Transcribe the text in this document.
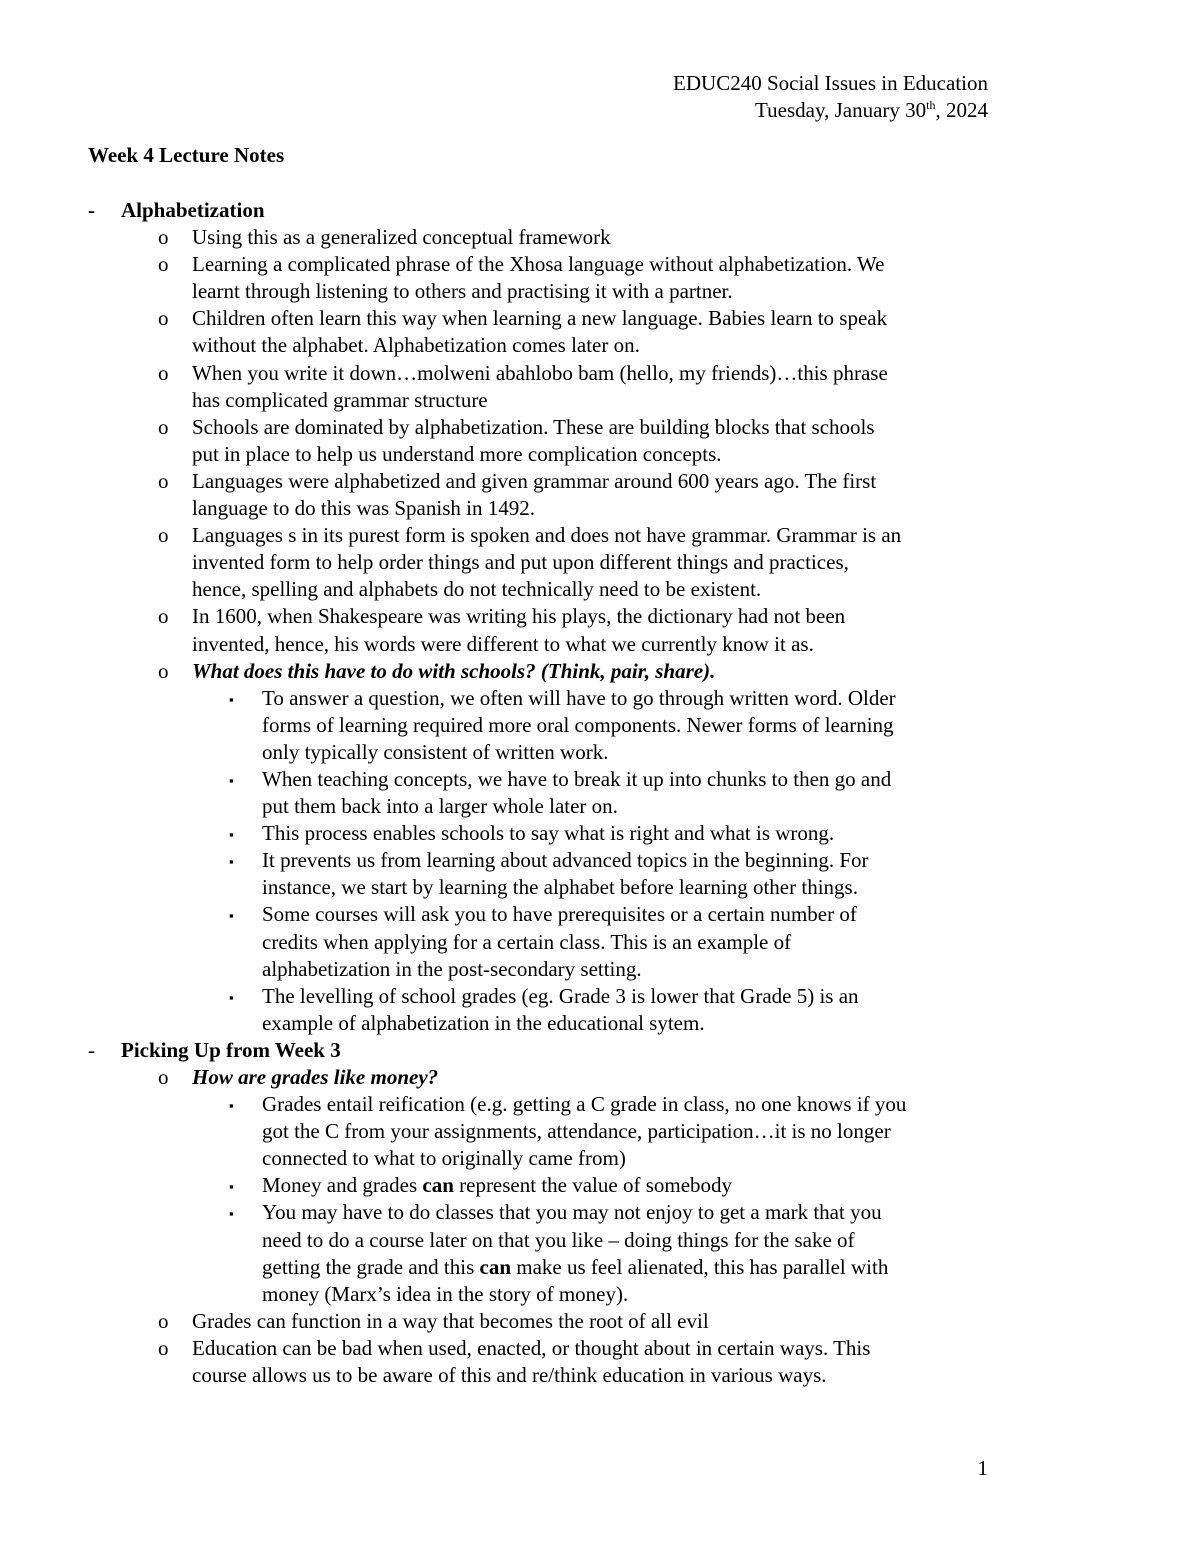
EDUC240 Social Issues in Education
Tuesday, January 30th, 2024
Week 4 Lecture Notes
- Alphabetization
o Using this as a generalized conceptual framework
o Learning a complicated phrase of the Xhosa language without alphabetization. We
learnt through listening to others and practising it with a partner.
o Children often learn this way when learning a new language. Babies learn to speak
without the alphabet. Alphabetization comes later on.
o When you write it down…molweni abahlobo bam (hello, my friends)…this phrase
has complicated grammar structure
o Schools are dominated by alphabetization. These are building blocks that schools
put in place to help us understand more complication concepts.
o Languages were alphabetized and given grammar around 600 years ago. The first
language to do this was Spanish in 1492.
o Languages s in its purest form is spoken and does not have grammar. Grammar is an
invented form to help order things and put upon different things and practices,
hence, spelling and alphabets do not technically need to be existent.
o In 1600, when Shakespeare was writing his plays, the dictionary had not been
invented, hence, his words were different to what we currently know it as.
o What does this have to do with schools? (Think, pair, share).
▪ To answer a question, we often will have to go through written word. Older
forms of learning required more oral components. Newer forms of learning
only typically consistent of written work.
▪ When teaching concepts, we have to break it up into chunks to then go and
put them back into a larger whole later on.
▪ This process enables schools to say what is right and what is wrong.
▪ It prevents us from learning about advanced topics in the beginning. For
instance, we start by learning the alphabet before learning other things.
▪ Some courses will ask you to have prerequisites or a certain number of
credits when applying for a certain class. This is an example of
alphabetization in the post-secondary setting.
▪ The levelling of school grades (eg. Grade 3 is lower that Grade 5) is an
example of alphabetization in the educational sytem.
- Picking Up from Week 3
o How are grades like money?
▪ Grades entail reification (e.g. getting a C grade in class, no one knows if you
got the C from your assignments, attendance, participation…it is no longer
connected to what to originally came from)
▪ Money and grades can represent the value of somebody
▪ You may have to do classes that you may not enjoy to get a mark that you
need to do a course later on that you like – doing things for the sake of
getting the grade and this can make us feel alienated, this has parallel with
money (Marx’s idea in the story of money).
o Grades can function in a way that becomes the root of all evil
o Education can be bad when used, enacted, or thought about in certain ways. This
course allows us to be aware of this and re/think education in various ways.
1
